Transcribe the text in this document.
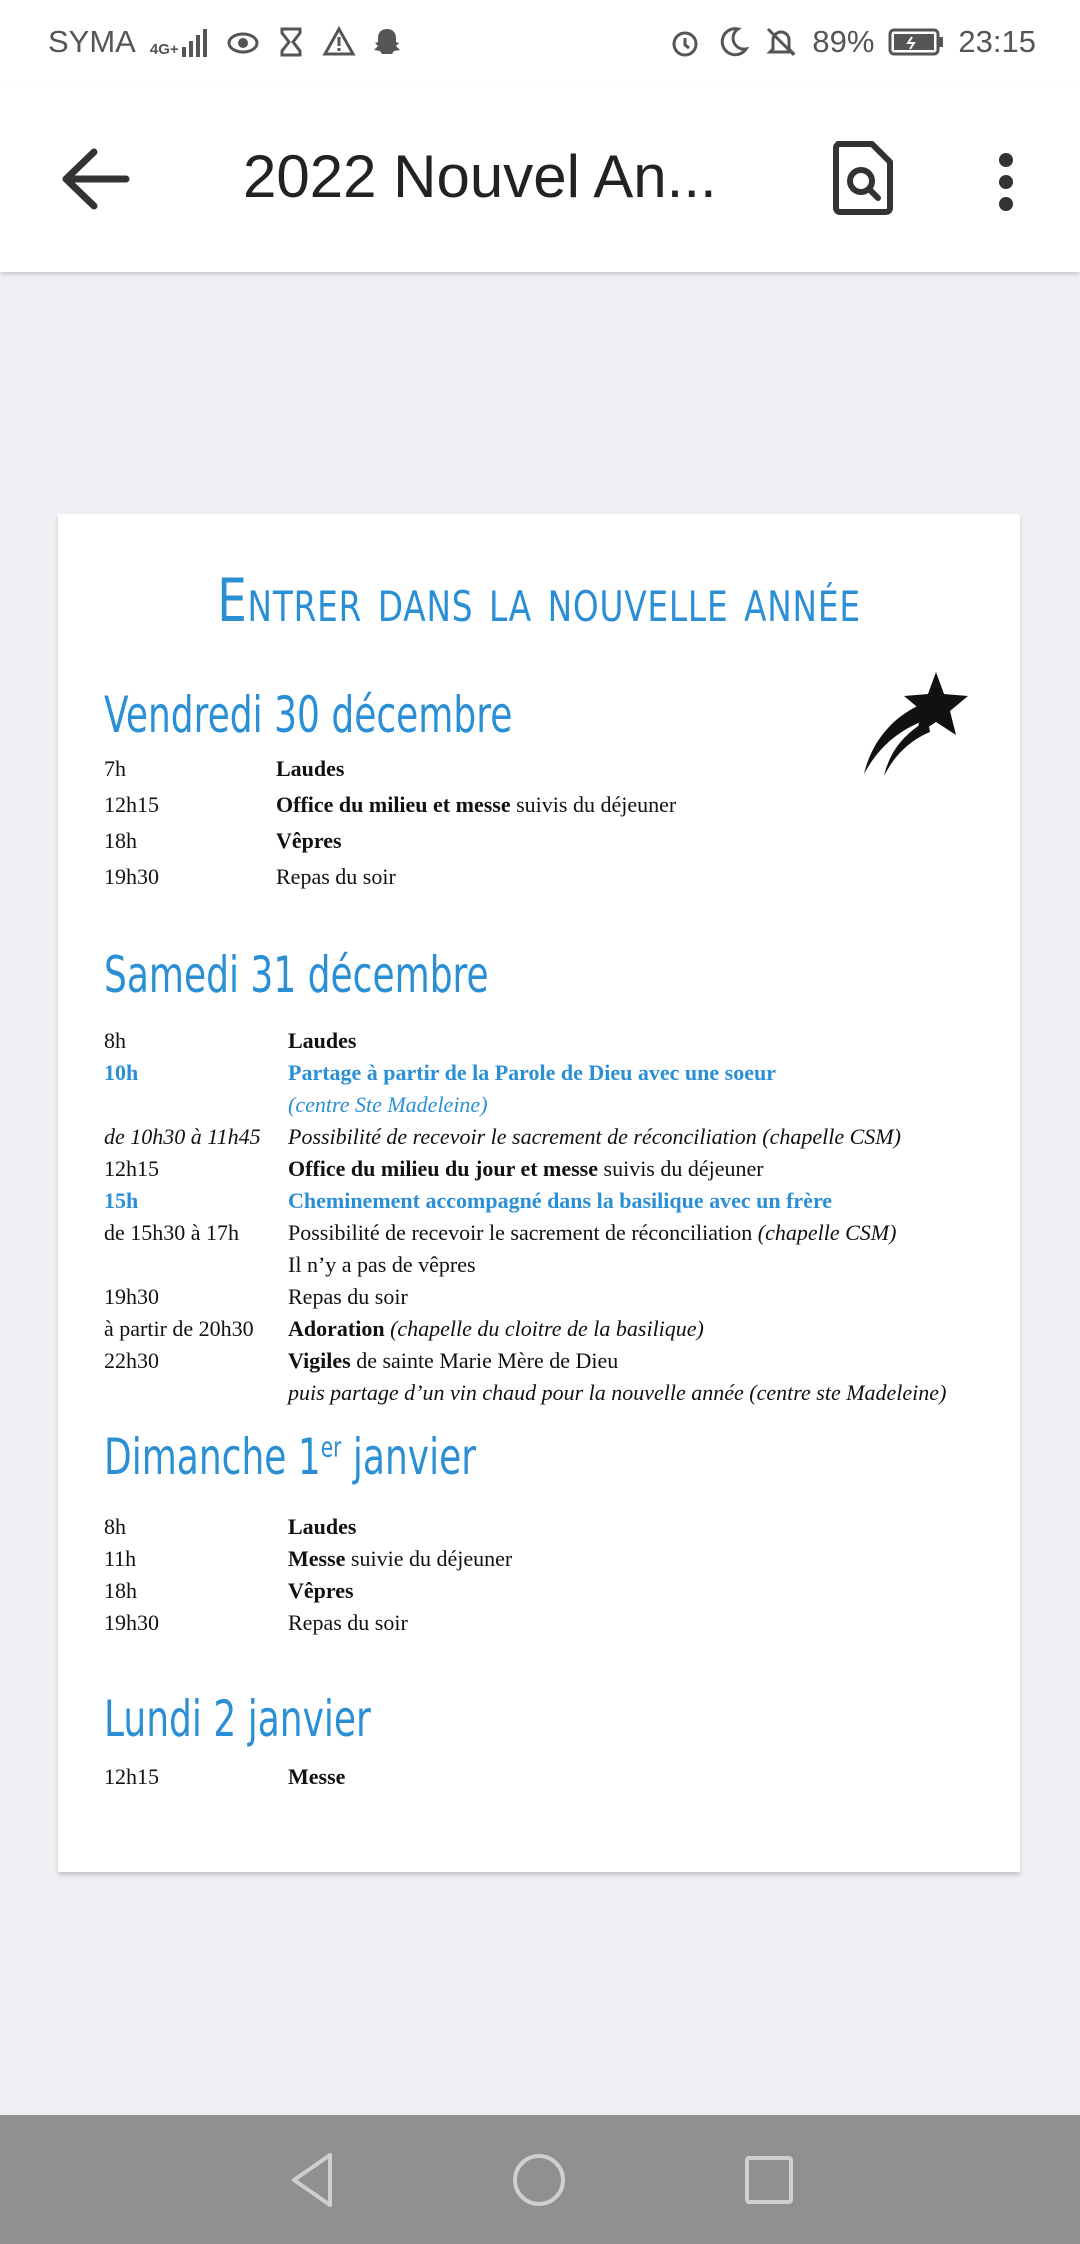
SYMA 4G+	89%	23:15
2022 Nouvel An...
Entrer dans la nouvelle année
Vendredi 30 décembre
7h	Laudes
12h15	Office du milieu et messe suivis du déjeuner
18h	Vêpres
19h30	Repas du soir
Samedi 31 décembre
8h	Laudes
10h	Partage à partir de la Parole de Dieu avec une soeur
(centre Ste Madeleine)
de 10h30 à 11h45 Possibilité de recevoir le sacrement de réconciliation (chapelle CSM)
12h15	Office du milieu du jour et messe suivis du déjeuner
15h	Cheminement accompagné dans la basilique avec un frère
de 15h30 à 17h Possibilité de recevoir le sacrement de réconciliation (chapelle CSM)
Il n’y a pas de vêpres
19h30	Repas du soir
à partir de 20h30 Adoration (chapelle du cloitre de la basilique)
22h30	Vigiles de sainte Marie Mère de Dieu
puis partage d’un vin chaud pour la nouvelle année (centre ste Madeleine)
Dimanche 1er janvier
8h	Laudes
11h	Messe suivie du déjeuner
18h	Vêpres
19h30	Repas du soir
Lundi 2 janvier
12h15	Messe
